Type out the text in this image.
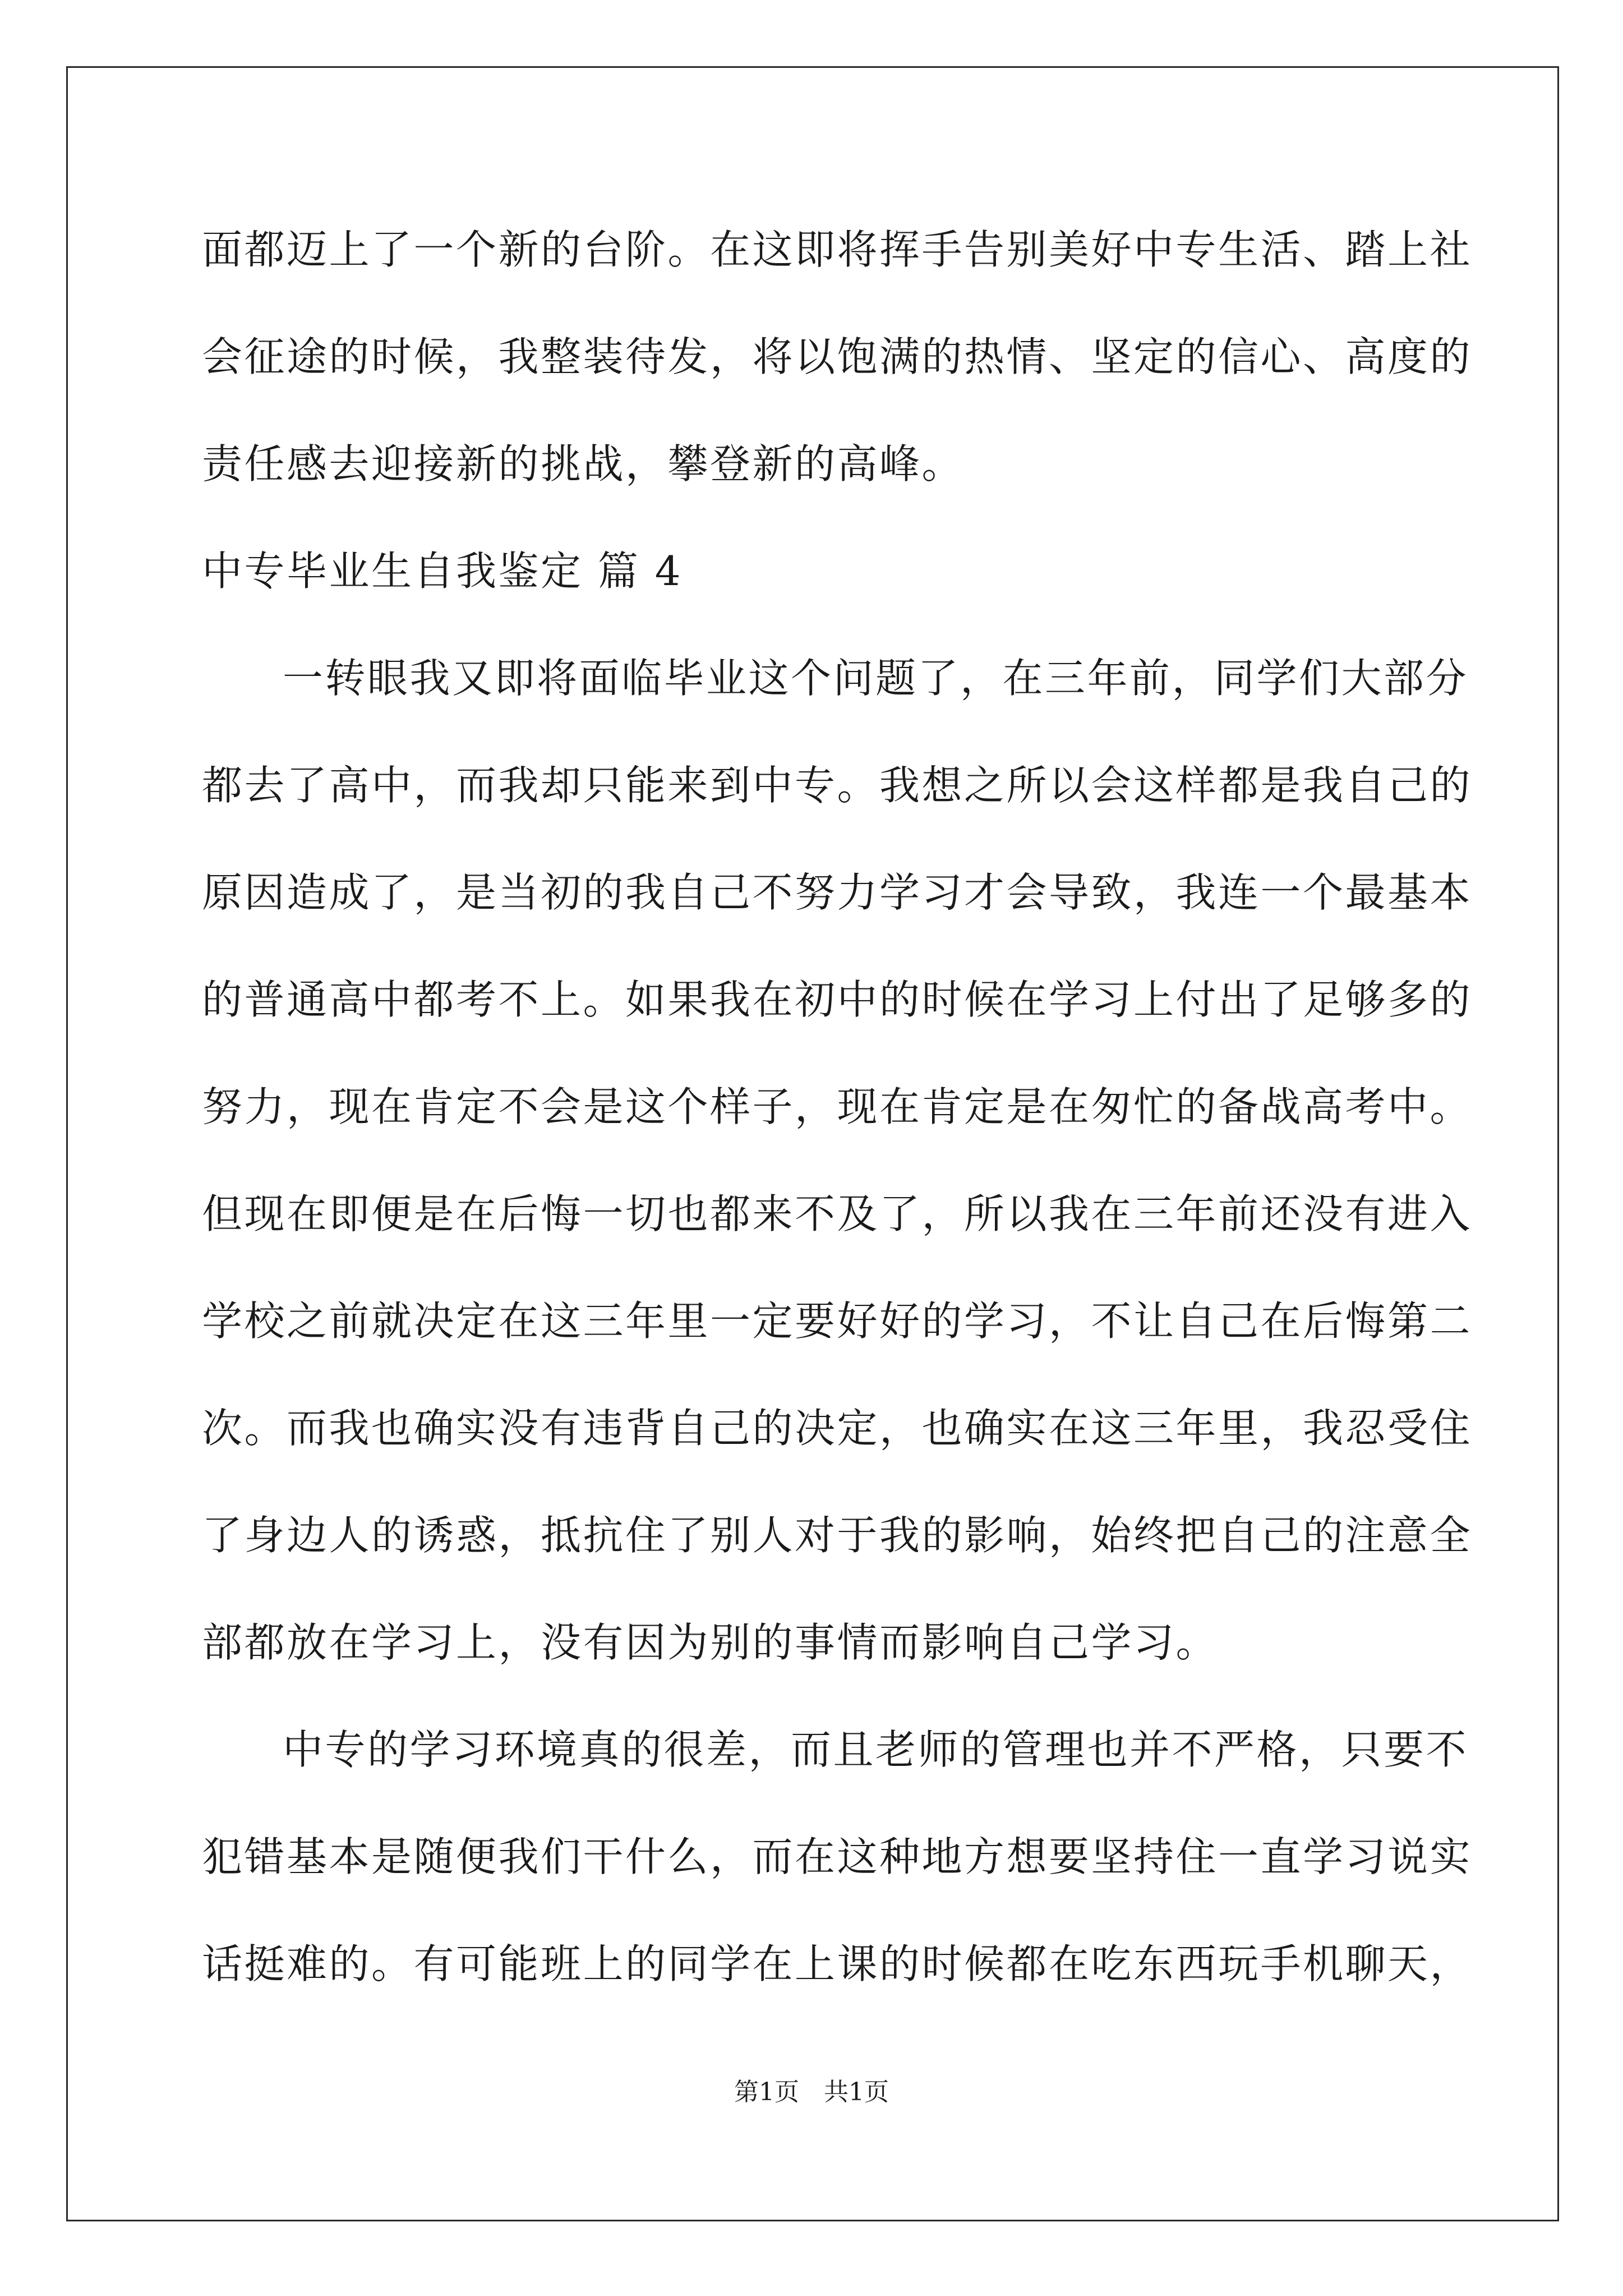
面都迈上了一个新的台阶。在这即将挥手告别美好中专生活、踏上社
会征途的时候，我整装待发，将以饱满的热情、坚定的信心、高度的
责任感去迎接新的挑战，攀登新的高峰。
中专毕业生自我鉴定 篇 4
一转眼我又即将面临毕业这个问题了，在三年前，同学们大部分
都去了高中，而我却只能来到中专。我想之所以会这样都是我自己的
原因造成了，是当初的我自己不努力学习才会导致，我连一个最基本
的普通高中都考不上。如果我在初中的时候在学习上付出了足够多的
努力，现在肯定不会是这个样子，现在肯定是在匆忙的备战高考中。
但现在即便是在后悔一切也都来不及了，所以我在三年前还没有进入
学校之前就决定在这三年里一定要好好的学习，不让自己在后悔第二
次。而我也确实没有违背自己的决定，也确实在这三年里，我忍受住
了身边人的诱惑，抵抗住了别人对于我的影响，始终把自己的注意全
部都放在学习上，没有因为别的事情而影响自己学习。
中专的学习环境真的很差，而且老师的管理也并不严格，只要不
犯错基本是随便我们干什么，而在这种地方想要坚持住一直学习说实
话挺难的。有可能班上的同学在上课的时候都在吃东西玩手机聊天，
第1页　共1页
